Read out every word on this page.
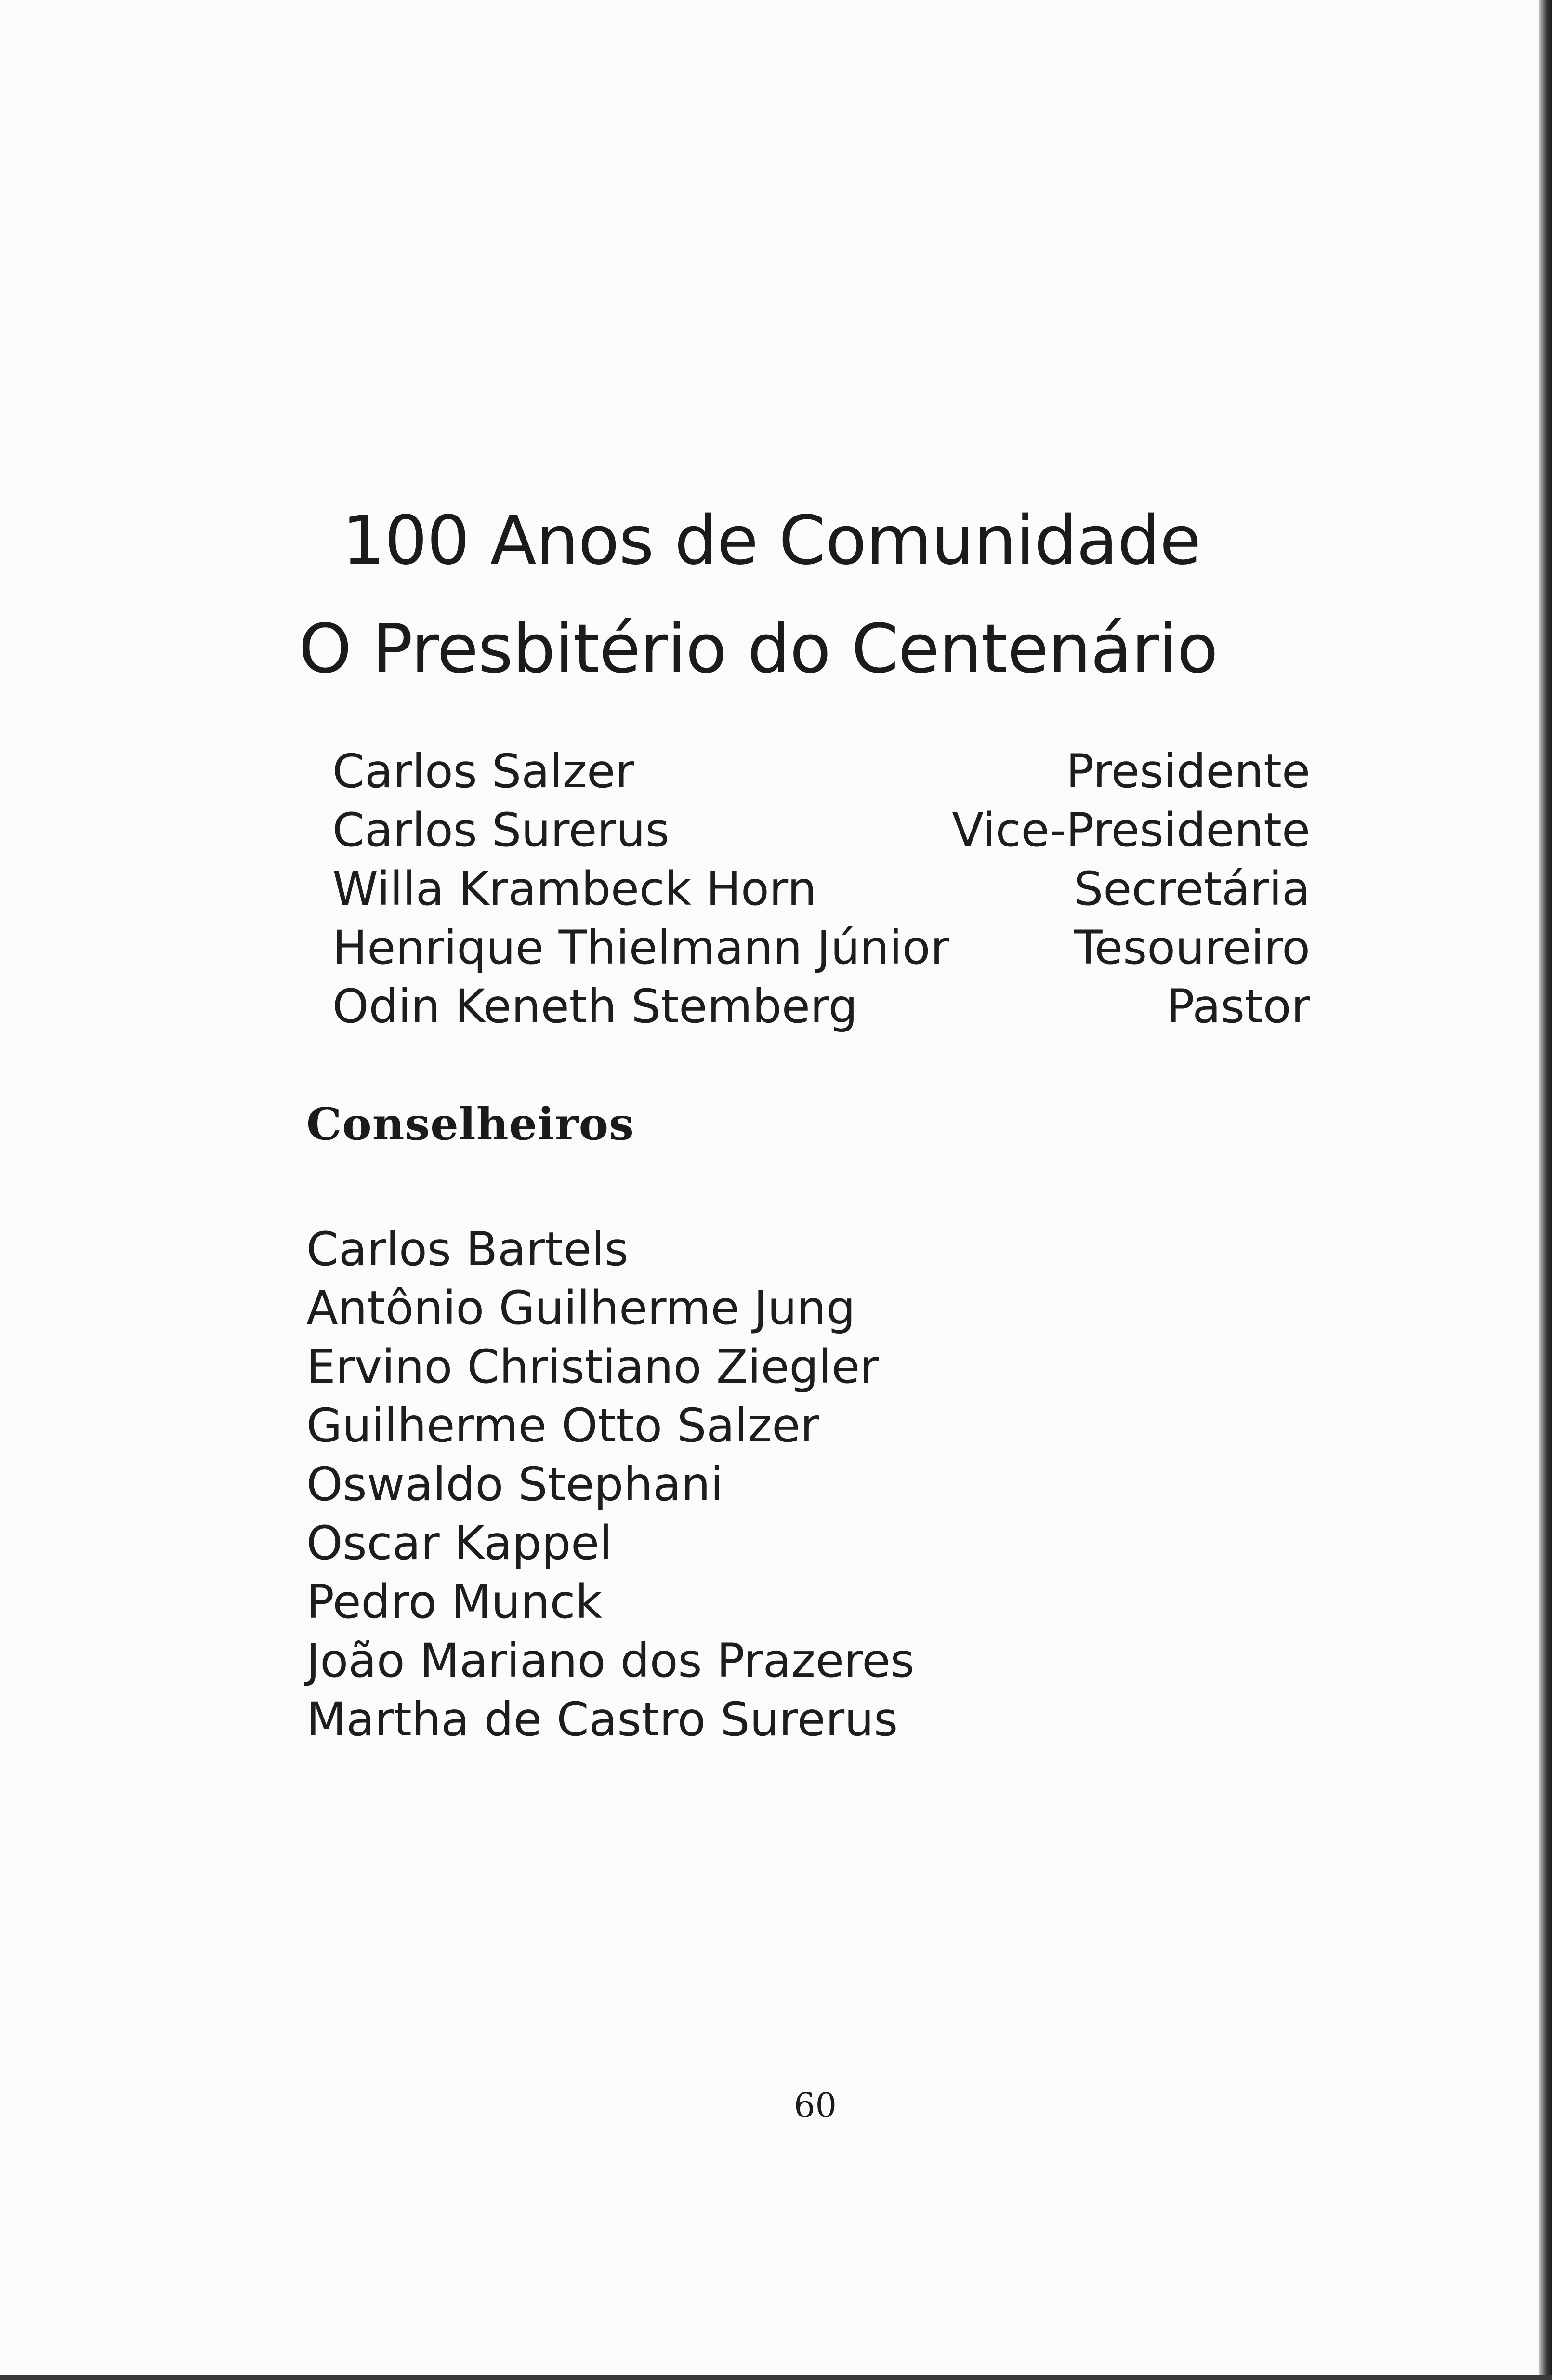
100 Anos de Comunidade
O Presbitério do Centenário
Carlos Salzer	Presidente
Carlos Surerus	Vice-Presidente
Willa Krambeck Horn	Secretária
Henrique Thielmann Júnior	Tesoureiro
Odin Keneth Stemberg	Pastor
Conselheiros
Carlos Bartels
Antônio Guilherme Jung
Ervino Christiano Ziegler
Guilherme Otto Salzer
Oswaldo Stephani
Oscar Kappel
Pedro Munck
João Mariano dos Prazeres
Martha de Castro Surerus
60
